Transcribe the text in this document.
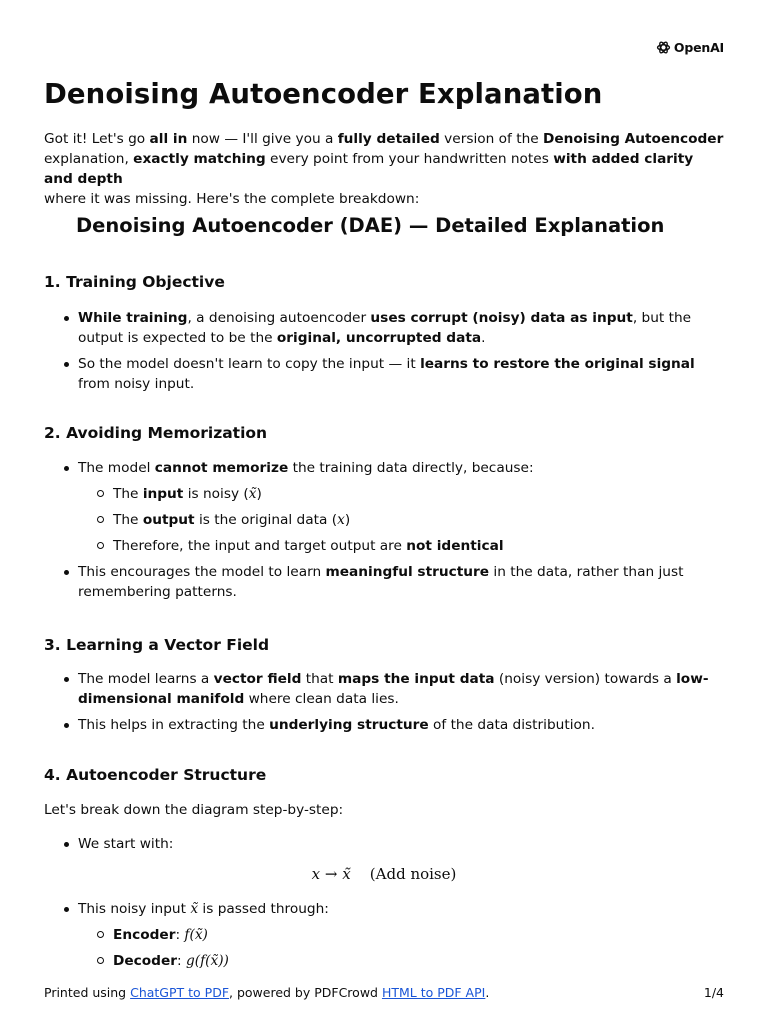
OpenAI
Denoising Autoencoder Explanation

Got it! Let's go all in now — I'll give you a fully detailed version of the Denoising Autoencoder
explanation, exactly matching every point from your handwritten notes with added clarity and depth
where it was missing. Here's the complete breakdown:

Denoising Autoencoder (DAE) — Detailed Explanation
1. Training Objective
While training, a denoising autoencoder uses corrupt (noisy) data as input, but the output is expected to be the original, uncorrupted data.
So the model doesn't learn to copy the input — it learns to restore the original signal from noisy input.
2. Avoiding Memorization
The model cannot memorize the training data directly, because:
The input is noisy (x̃)
The output is the original data (x)
Therefore, the input and target output are not identical
This encourages the model to learn meaningful structure in the data, rather than just remembering patterns.
3. Learning a Vector Field
The model learns a vector field that maps the input data (noisy version) towards a low-dimensional manifold where clean data lies.
This helps in extracting the underlying structure of the data distribution.
4. Autoencoder Structure

Let's break down the diagram step-by-step:

We start with:
x → x̃ (Add noise)
This noisy input x̃ is passed through:
Encoder: f(x̃)
Decoder: g(f(x̃))
Printed using ChatGPT to PDF, powered by PDFCrowd HTML to PDF API.	1/4
